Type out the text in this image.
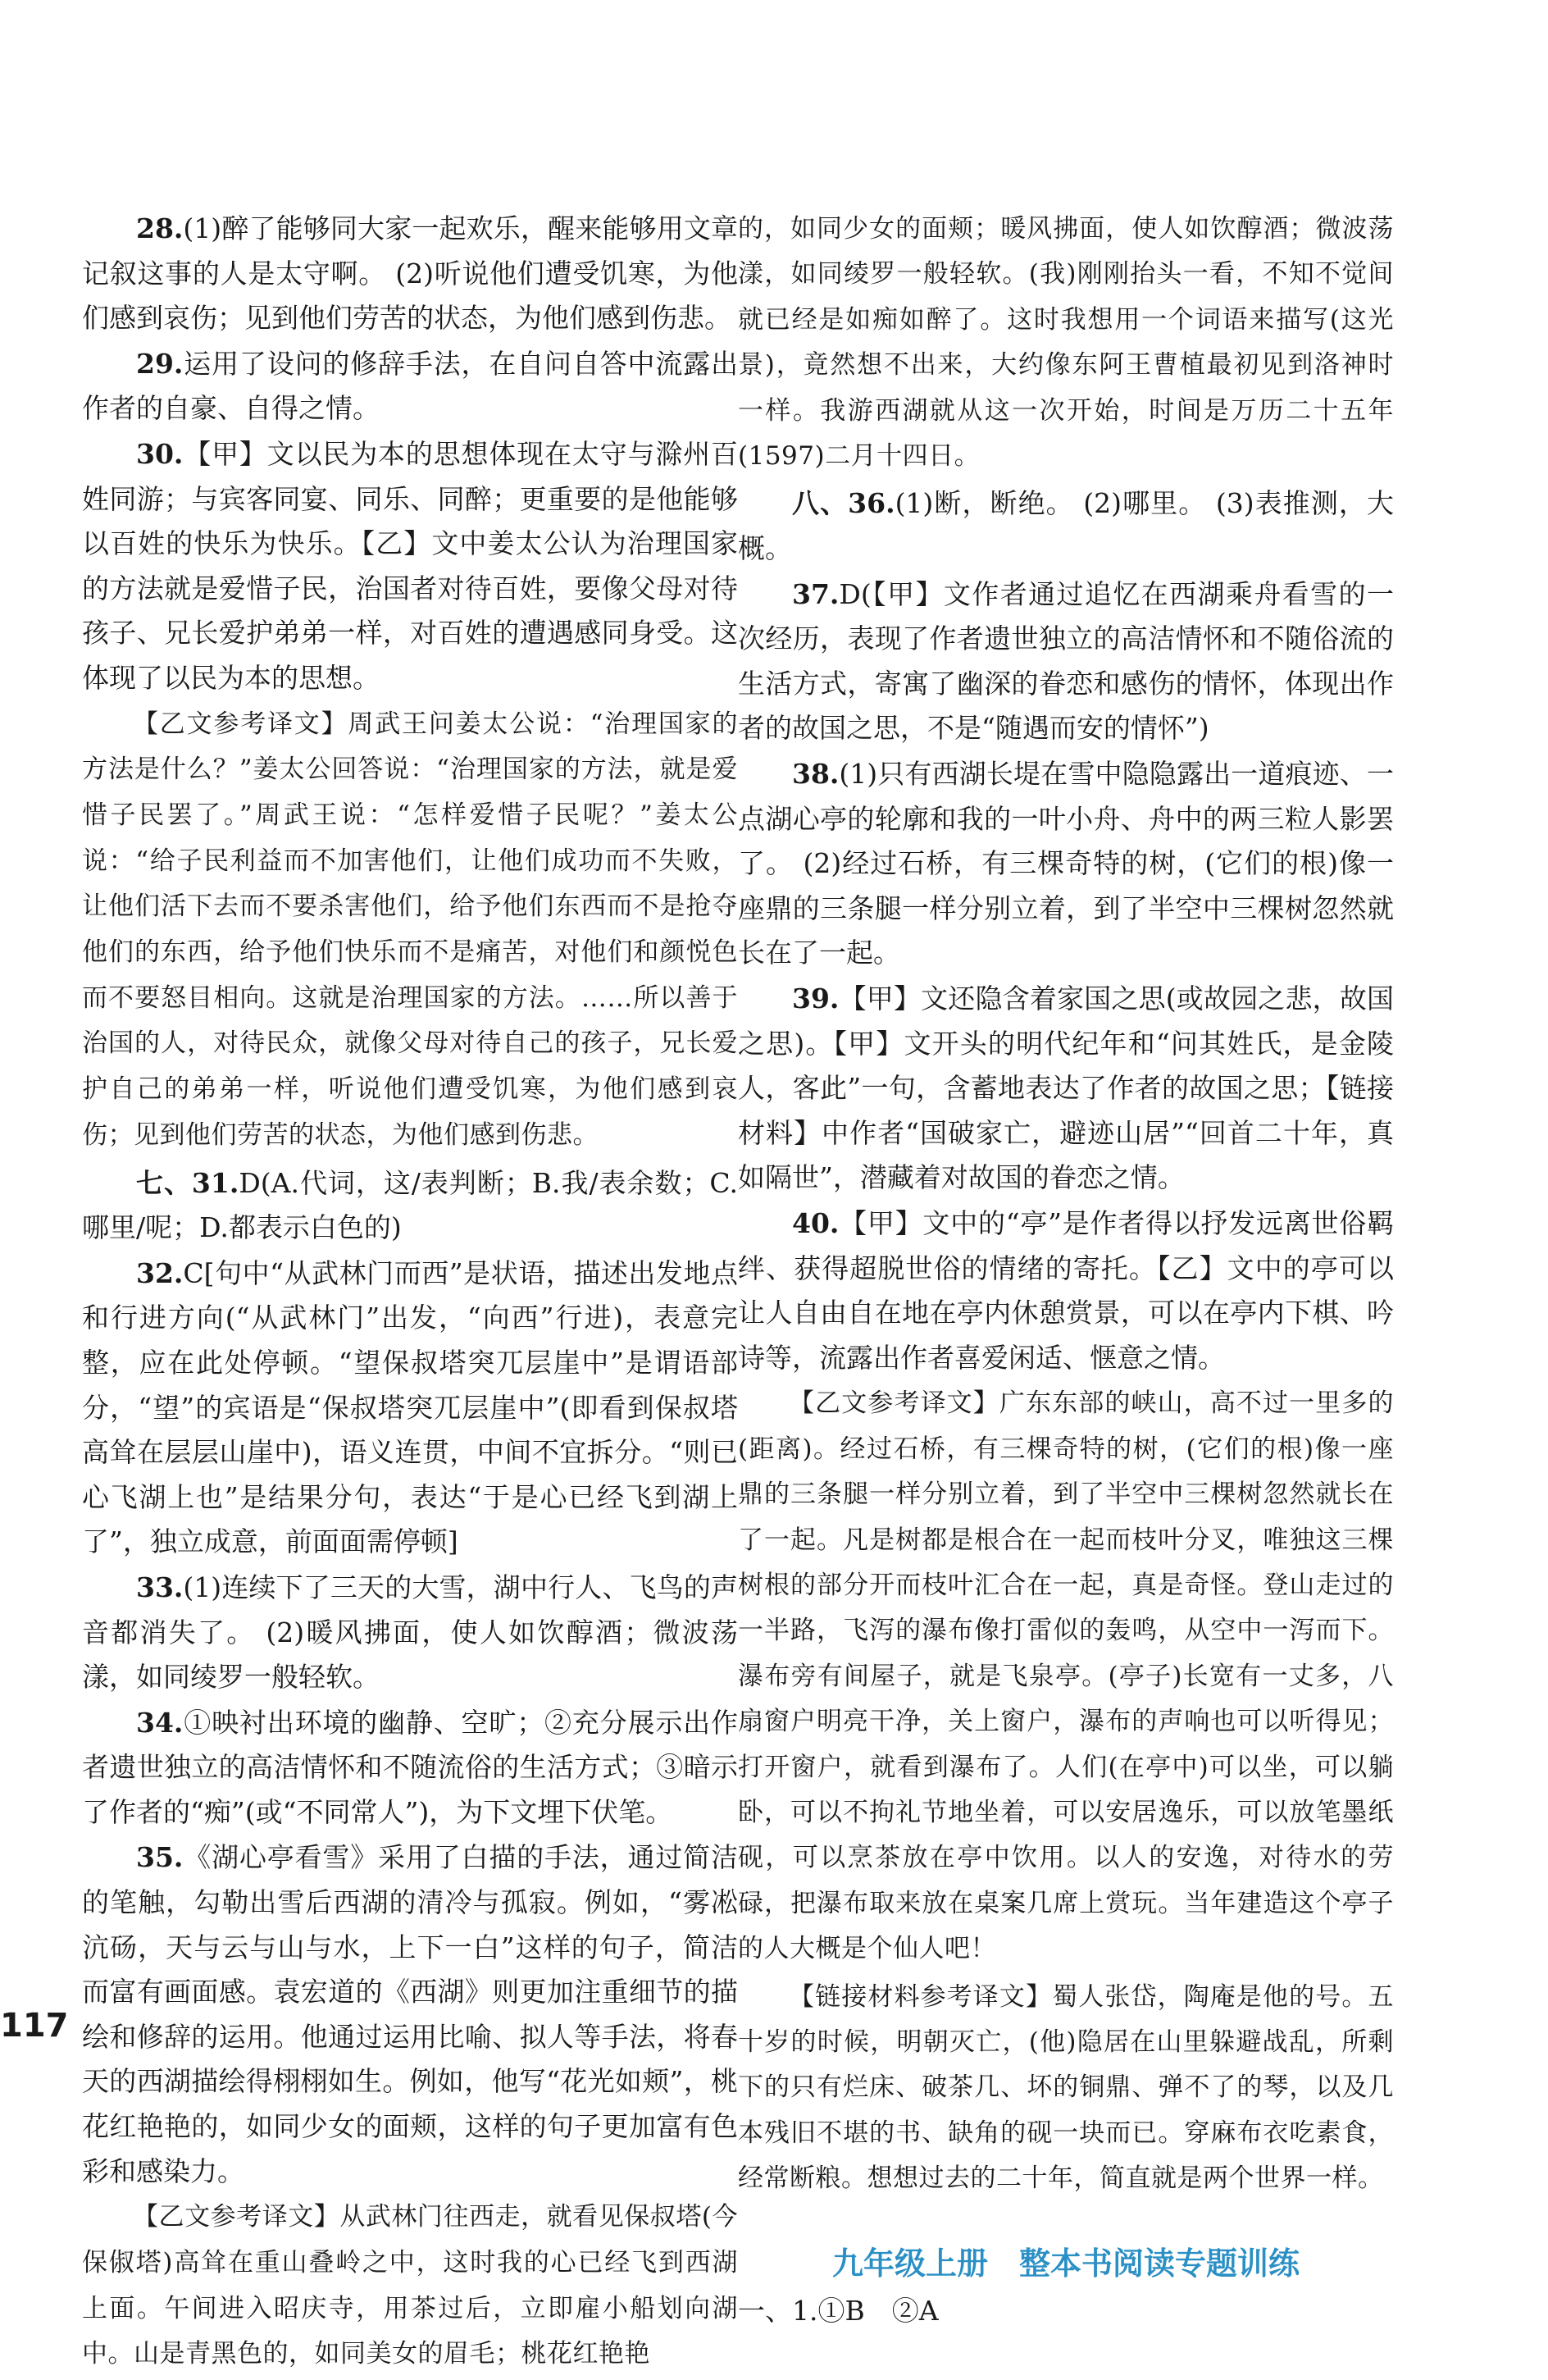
28.(1)醉了能够同大家一起欢乐，醒来能够用文章记叙这事的人是太守啊。 (2)听说他们遭受饥寒，为他们感到哀伤；见到他们劳苦的状态，为他们感到伤悲。

29.运用了设问的修辞手法，在自问自答中流露出作者的自豪、自得之情。

30.【甲】文以民为本的思想体现在太守与滁州百姓同游；与宾客同宴、同乐、同醉；更重要的是他能够以百姓的快乐为快乐。【乙】文中姜太公认为治理国家的方法就是爱惜子民，治国者对待百姓，要像父母对待孩子、兄长爱护弟弟一样，对百姓的遭遇感同身受。这体现了以民为本的思想。

【乙文参考译文】周武王问姜太公说：“治理国家的方法是什么？”姜太公回答说：“治理国家的方法，就是爱惜子民罢了。”周武王说：“怎样爱惜子民呢？”姜太公说：“给子民利益而不加害他们，让他们成功而不失败，让他们活下去而不要杀害他们，给予他们东西而不是抢夺他们的东西，给予他们快乐而不是痛苦，对他们和颜悦色而不要怒目相向。这就是治理国家的方法。……所以善于治国的人，对待民众，就像父母对待自己的孩子，兄长爱护自己的弟弟一样，听说他们遭受饥寒，为他们感到哀伤；见到他们劳苦的状态，为他们感到伤悲。

七、31.D(A.代词，这/表判断；B.我/表余数；C.哪里/呢；D.都表示白色的)

32.C[句中“从武林门而西”是状语，描述出发地点和行进方向(“从武林门”出发，“向西”行进)，表意完整，应在此处停顿。“望保叔塔突兀层崖中”是谓语部分，“望”的宾语是“保叔塔突兀层崖中”(即看到保叔塔高耸在层层山崖中)，语义连贯，中间不宜拆分。“则已心飞湖上也”是结果分句，表达“于是心已经飞到湖上了”，独立成意，前面面需停顿]

33.(1)连续下了三天的大雪，湖中行人、飞鸟的声音都消失了。 (2)暖风拂面，使人如饮醇酒；微波荡漾，如同绫罗一般轻软。

34.①映衬出环境的幽静、空旷；②充分展示出作者遗世独立的高洁情怀和不随流俗的生活方式；③暗示了作者的“痴”(或“不同常人”)，为下文埋下伏笔。

35.《湖心亭看雪》采用了白描的手法，通过简洁的笔触，勾勒出雪后西湖的清冷与孤寂。例如，“雾凇沆砀，天与云与山与水，上下一白”这样的句子，简洁而富有画面感。袁宏道的《西湖》则更加注重细节的描绘和修辞的运用。他通过运用比喻、拟人等手法，将春天的西湖描绘得栩栩如生。例如，他写“花光如颊”，桃花红艳艳的，如同少女的面颊，这样的句子更加富有色彩和感染力。

【乙文参考译文】从武林门往西走，就看见保叔塔(今保俶塔)高耸在重山叠岭之中，这时我的心已经飞到西湖上面。午间进入昭庆寺，用茶过后，立即雇小船划向湖中。山是青黑色的，如同美女的眉毛；桃花红艳艳

的，如同少女的面颊；暖风拂面，使人如饮醇酒；微波荡漾，如同绫罗一般轻软。(我)刚刚抬头一看，不知不觉间就已经是如痴如醉了。这时我想用一个词语来描写(这光景)，竟然想不出来，大约像东阿王曹植最初见到洛神时一样。我游西湖就从这一次开始，时间是万历二十五年(1597)二月十四日。

八、36.(1)断，断绝。 (2)哪里。 (3)表推测，大概。

37.D(【甲】文作者通过追忆在西湖乘舟看雪的一次经历，表现了作者遗世独立的高洁情怀和不随俗流的生活方式，寄寓了幽深的眷恋和感伤的情怀，体现出作者的故国之思，不是“随遇而安的情怀”)

38.(1)只有西湖长堤在雪中隐隐露出一道痕迹、一点湖心亭的轮廓和我的一叶小舟、舟中的两三粒人影罢了。 (2)经过石桥，有三棵奇特的树，(它们的根)像一座鼎的三条腿一样分别立着，到了半空中三棵树忽然就长在了一起。

39.【甲】文还隐含着家国之思(或故园之悲，故国之思)。【甲】文开头的明代纪年和“问其姓氏，是金陵人，客此”一句，含蓄地表达了作者的故国之思；【链接材料】中作者“国破家亡，避迹山居”“回首二十年，真如隔世”，潜藏着对故国的眷恋之情。

40.【甲】文中的“亭”是作者得以抒发远离世俗羁绊、获得超脱世俗的情绪的寄托。【乙】文中的亭可以让人自由自在地在亭内休憩赏景，可以在亭内下棋、吟诗等，流露出作者喜爱闲适、惬意之情。

【乙文参考译文】广东东部的峡山，高不过一里多的(距离)。经过石桥，有三棵奇特的树，(它们的根)像一座鼎的三条腿一样分别立着，到了半空中三棵树忽然就长在了一起。凡是树都是根合在一起而枝叶分叉，唯独这三棵树根的部分开而枝叶汇合在一起，真是奇怪。登山走过的一半路，飞泻的瀑布像打雷似的轰鸣，从空中一泻而下。瀑布旁有间屋子，就是飞泉亭。(亭子)长宽有一丈多，八扇窗户明亮干净，关上窗户，瀑布的声响也可以听得见；打开窗户，就看到瀑布了。人们(在亭中)可以坐，可以躺卧，可以不拘礼节地坐着，可以安居逸乐，可以放笔墨纸砚，可以烹茶放在亭中饮用。以人的安逸，对待水的劳碌，把瀑布取来放在桌案几席上赏玩。当年建造这个亭子的人大概是个仙人吧！

【链接材料参考译文】蜀人张岱，陶庵是他的号。五十岁的时候，明朝灭亡，(他)隐居在山里躲避战乱，所剩下的只有烂床、破茶几、坏的铜鼎、弹不了的琴，以及几本残旧不堪的书、缺角的砚一块而已。穿麻布衣吃素食，经常断粮。想想过去的二十年，简直就是两个世界一样。

九年级上册　整本书阅读专题训练

一、1.①B　②A

117
